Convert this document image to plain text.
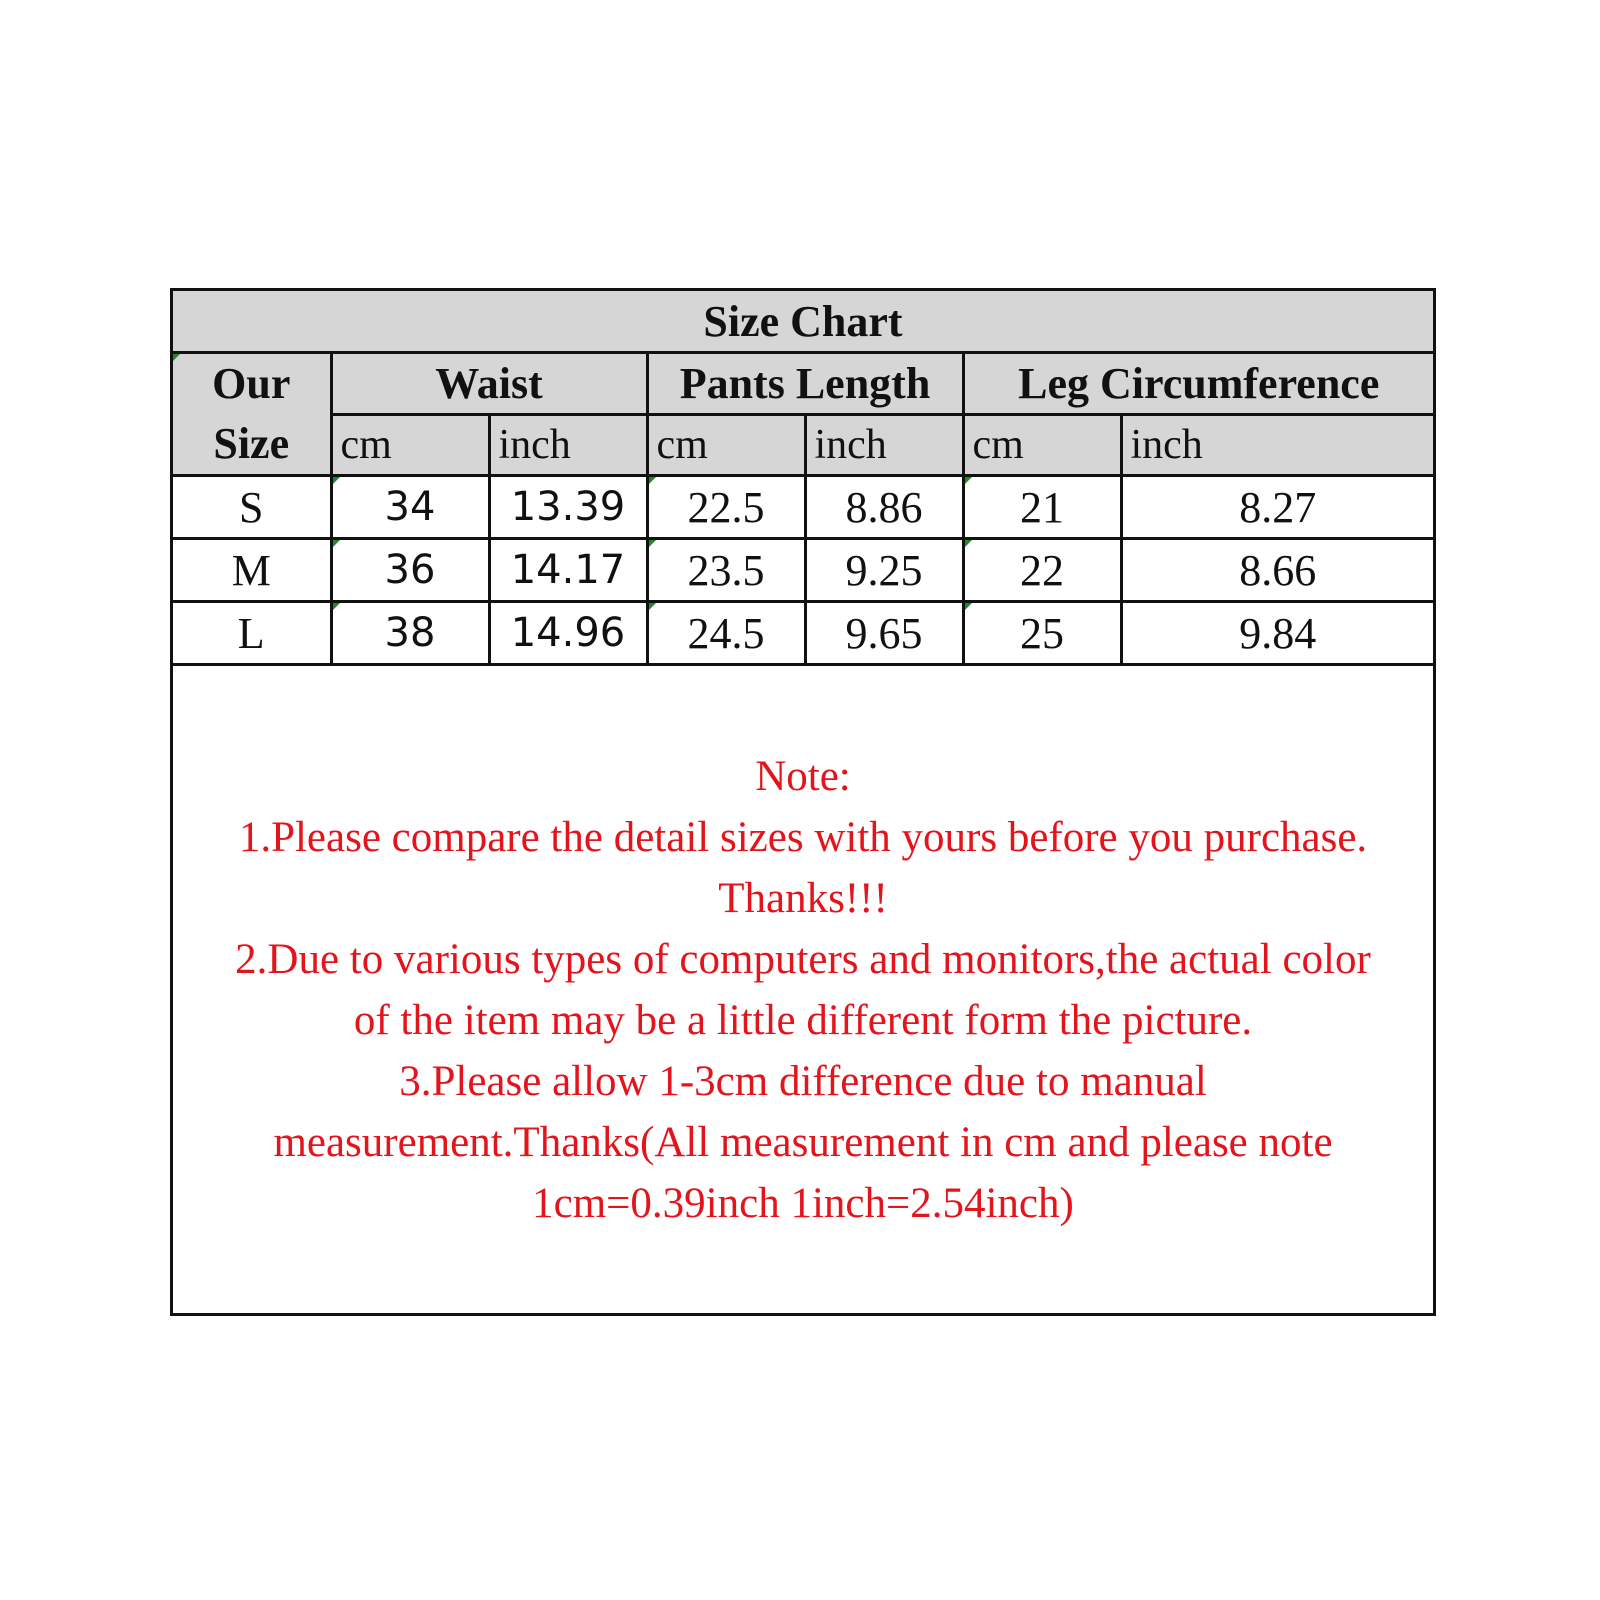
Size Chart						

Our
Size	Waist		Pants Length		Leg Circumference	
	cm	inch	cm	inch	cm	inch
S	34	13.39	22.5	8.86	21	8.27
M	36	14.17	23.5	9.25	22	8.66
L	38	14.96	24.5	9.65	25	9.84
Note:
1.Please compare the detail sizes with yours before you purchase.
Thanks!!!
2.Due to various types of computers and monitors,the actual color
of the item may be a little different form the picture.
3.Please allow 1-3cm difference due to manual
measurement.Thanks(All measurement in cm and please note
1cm=0.39inch 1inch=2.54inch)
